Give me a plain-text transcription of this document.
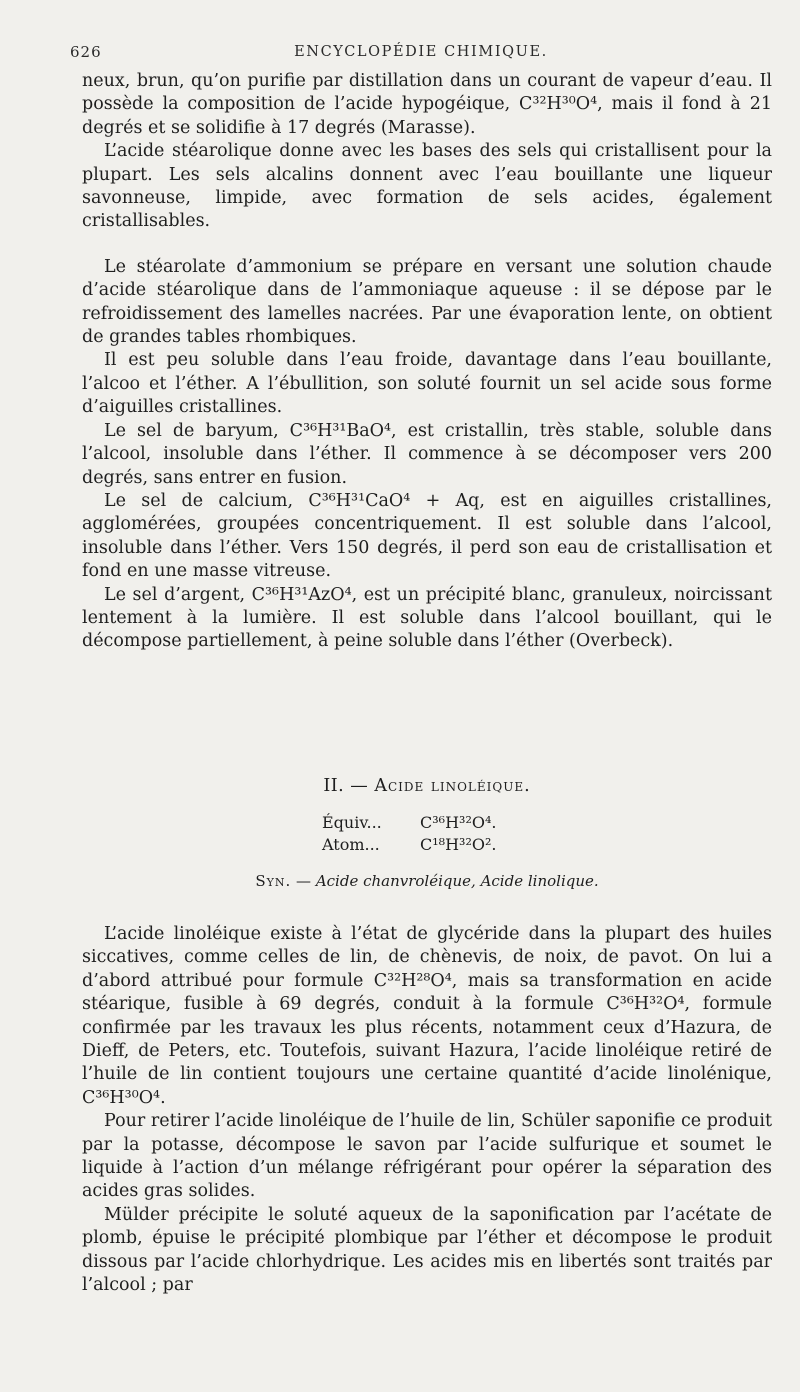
626	ENCYCLOPÉDIE CHIMIQUE.

neux, brun, qu’on purifie par distillation dans un courant de vapeur d’eau. Il possède la composition de l’acide hypogéique, C³²H³⁰O⁴, mais il fond à 21 degrés et se solidifie à 17 degrés (Marasse).

L’acide stéarolique donne avec les bases des sels qui cristallisent pour la plupart. Les sels alcalins donnent avec l’eau bouillante une liqueur savonneuse, limpide, avec formation de sels acides, également cristallisables.

Le stéarolate d’ammonium se prépare en versant une solution chaude d’acide stéarolique dans de l’ammoniaque aqueuse : il se dépose par le refroidissement des lamelles nacrées. Par une évaporation lente, on obtient de grandes tables rhombiques.

Il est peu soluble dans l’eau froide, davantage dans l’eau bouillante, l’alcoo et l’éther. A l’ébullition, son soluté fournit un sel acide sous forme d’aiguilles cristallines.

Le sel de baryum, C³⁶H³¹BaO⁴, est cristallin, très stable, soluble dans l’alcool, insoluble dans l’éther. Il commence à se décomposer vers 200 degrés, sans entrer en fusion.

Le sel de calcium, C³⁶H³¹CaO⁴ + Aq, est en aiguilles cristallines, agglomérées, groupées concentriquement. Il est soluble dans l’alcool, insoluble dans l’éther. Vers 150 degrés, il perd son eau de cristallisation et fond en une masse vitreuse.

Le sel d’argent, C³⁶H³¹AzO⁴, est un précipité blanc, granuleux, noircissant lentement à la lumière. Il est soluble dans l’alcool bouillant, qui le décompose partiellement, à peine soluble dans l’éther (Overbeck).

II. — Acide linoléique.
Équiv...	C³⁶H³²O⁴.
Atom...	C¹⁸H³²O².
Syn. — Acide chanvroléique, Acide linolique.

L’acide linoléique existe à l’état de glycéride dans la plupart des huiles siccatives, comme celles de lin, de chènevis, de noix, de pavot. On lui a d’abord attribué pour formule C³²H²⁸O⁴, mais sa transformation en acide stéarique, fusible à 69 degrés, conduit à la formule C³⁶H³²O⁴, formule confirmée par les travaux les plus récents, notamment ceux d’Hazura, de Dieff, de Peters, etc. Toutefois, suivant Hazura, l’acide linoléique retiré de l’huile de lin contient toujours une certaine quantité d’acide linolénique, C³⁶H³⁰O⁴.

Pour retirer l’acide linoléique de l’huile de lin, Schüler saponifie ce produit par la potasse, décompose le savon par l’acide sulfurique et soumet le liquide à l’action d’un mélange réfrigérant pour opérer la séparation des acides gras solides.

Mülder précipite le soluté aqueux de la saponification par l’acétate de plomb, épuise le précipité plombique par l’éther et décompose le produit dissous par l’acide chlorhydrique. Les acides mis en libertés sont traités par l’alcool ; par
